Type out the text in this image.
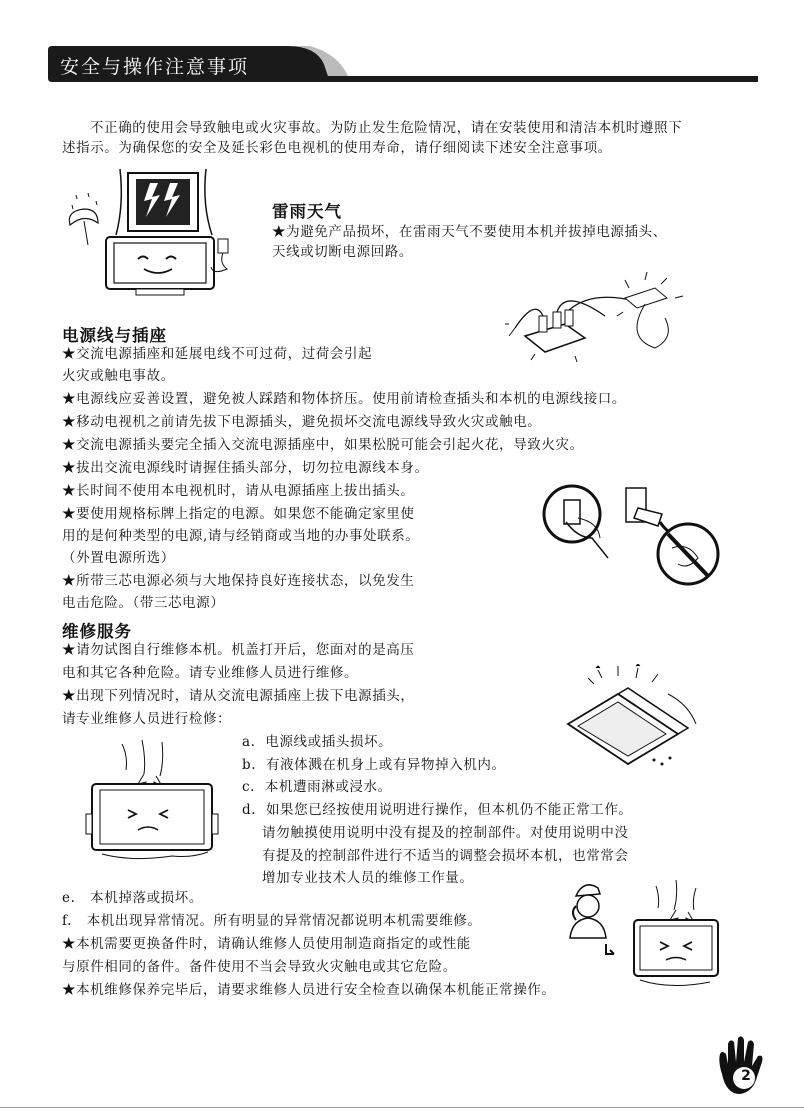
安全与操作注意事项
不正确的使用会导致触电或火灾事故。为防止发生危险情况，请在安装使用和清洁本机时遵照下
述指示。为确保您的安全及延长彩色电视机的使用寿命，请仔细阅读下述安全注意事项。
雷雨天气
★为避免产品损坏，在雷雨天气不要使用本机并拔掉电源插头、
天线或切断电源回路。
电源线与插座
★交流电源插座和延展电线不可过荷，过荷会引起
火灾或触电事故。
★电源线应妥善设置，避免被人踩踏和物体挤压。使用前请检查插头和本机的电源线接口。
★移动电视机之前请先拔下电源插头，避免损坏交流电源线导致火灾或触电。
★交流电源插头要完全插入交流电源插座中，如果松脱可能会引起火花，导致火灾。
★拔出交流电源线时请握住插头部分，切勿拉电源线本身。
★长时间不使用本电视机时，请从电源插座上拔出插头。
★要使用规格标牌上指定的电源。如果您不能确定家里使
用的是何种类型的电源,请与经销商或当地的办事处联系。
（外置电源所选）
★所带三芯电源必须与大地保持良好连接状态，以免发生
电击危险。（带三芯电源）
维修服务
★请勿试图自行维修本机。机盖打开后，您面对的是高压
电和其它各种危险。请专业维修人员进行维修。
★出现下列情况时，请从交流电源插座上拔下电源插头，
请专业维修人员进行检修：
a. 电源线或插头损坏。
b. 有液体溅在机身上或有异物掉入机内。
c. 本机遭雨淋或浸水。
d. 如果您已经按使用说明进行操作，但本机仍不能正常工作。
请勿触摸使用说明中没有提及的控制部件。对使用说明中没
有提及的控制部件进行不适当的调整会损坏本机，也常常会
增加专业技术人员的维修工作量。
e. 本机掉落或损坏。
f. 本机出现异常情况。所有明显的异常情况都说明本机需要维修。
★本机需要更换备件时，请确认维修人员使用制造商指定的或性能
与原件相同的备件。备件使用不当会导致火灾触电或其它危险。
★本机维修保养完毕后，请要求维修人员进行安全检查以确保本机能正常操作。
2
